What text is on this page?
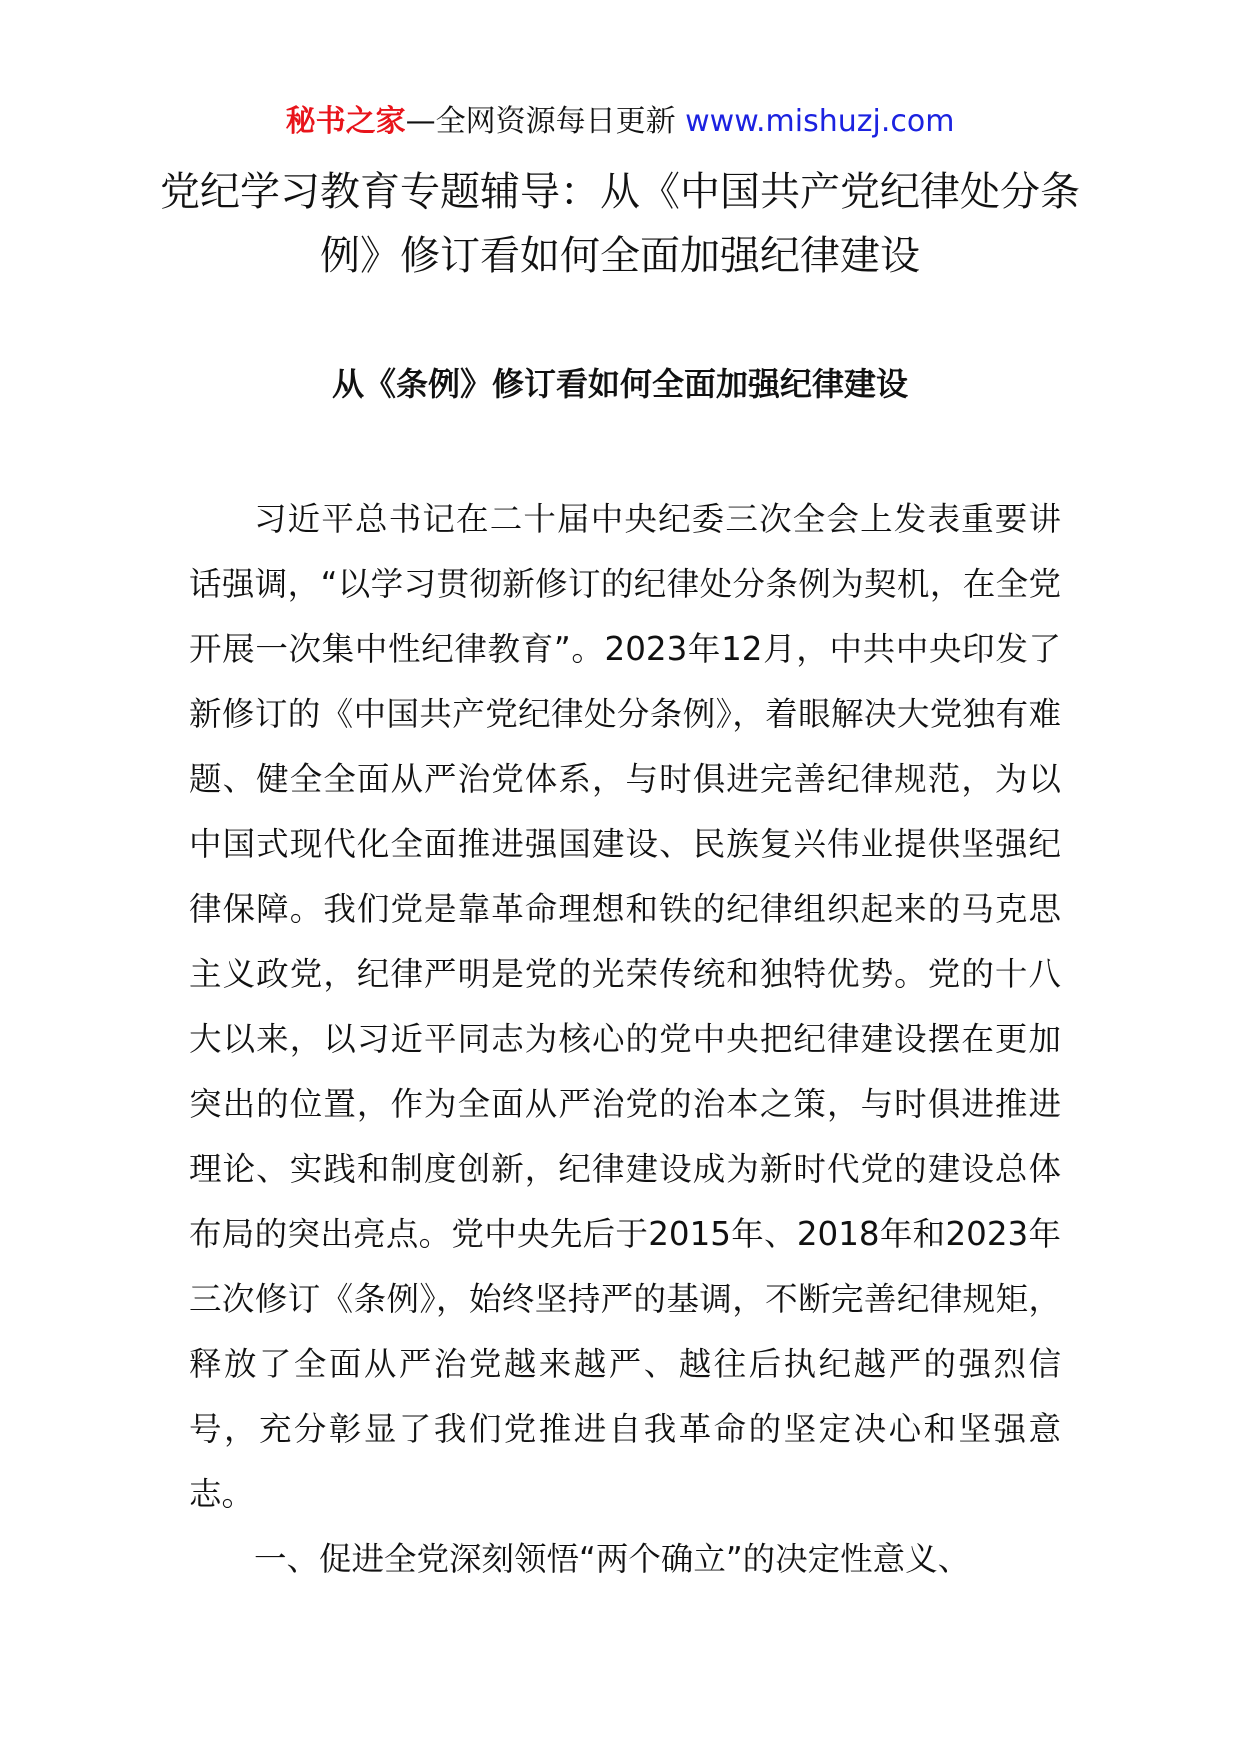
秘书之家—全网资源每日更新 www.mishuzj.com
党纪学习教育专题辅导：从《中国共产党纪律处分条例》修订看如何全面加强纪律建设
从《条例》修订看如何全面加强纪律建设

习近平总书记在二十届中央纪委三次全会上发表重要讲话强调，“以学习贯彻新修订的纪律处分条例为契机，在全党开展一次集中性纪律教育”。2023年12月，中共中央印发了新修订的《中国共产党纪律处分条例》，着眼解决大党独有难题、健全全面从严治党体系，与时俱进完善纪律规范，为以中国式现代化全面推进强国建设、民族复兴伟业提供坚强纪律保障。我们党是靠革命理想和铁的纪律组织起来的马克思主义政党，纪律严明是党的光荣传统和独特优势。党的十八大以来，以习近平同志为核心的党中央把纪律建设摆在更加突出的位置，作为全面从严治党的治本之策，与时俱进推进理论、实践和制度创新，纪律建设成为新时代党的建设总体布局的突出亮点。党中央先后于2015年、2018年和2023年三次修订《条例》，始终坚持严的基调，不断完善纪律规矩，释放了全面从严治党越来越严、越往后执纪越严的强烈信号，充分彰显了我们党推进自我革命的坚定决心和坚强意志。

一、促进全党深刻领悟“两个确立”的决定性意义、
